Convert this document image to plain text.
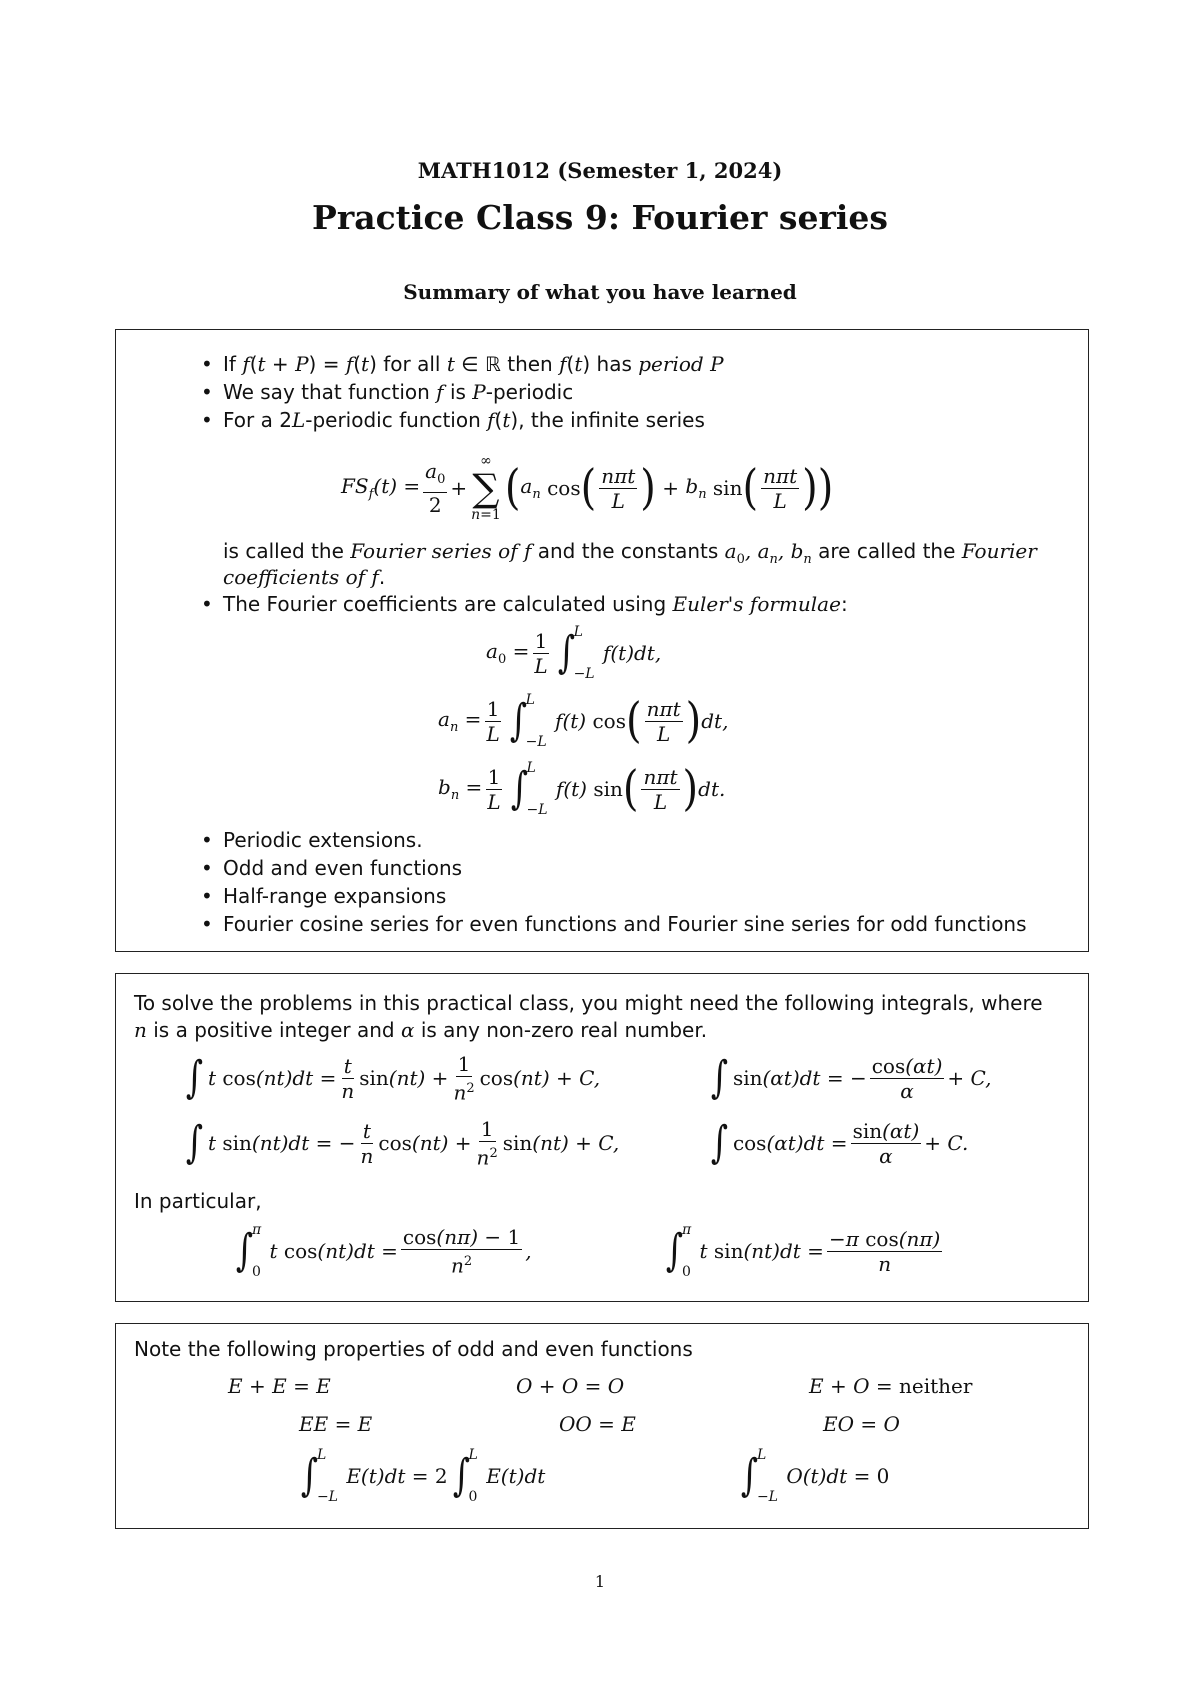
MATH1012 (Semester 1, 2024)
Practice Class 9: Fourier series
Summary of what you have learned
• If f(t + P) = f(t) for all t ∈ ℝ then f(t) has period P
• We say that function f is P-periodic
• For a 2L-periodic function f(t), the infinite series
$FS_f(t) = \frac{a_0}{2}$ +
∞
∑
n=1 ( $a_n$
cos ( $\frac{\text{nπt}}{L}$ ) + $b_n$
sin ( $\frac{\text{nπt}}{L}$ ) )
is called the Fourier series of f and the constants $a_0$, $a_n$, $b_n$ are called the Fourier
coefficients of f.
• The Fourier coefficients are calculated using Euler's formulae:
$a_0 = \frac{1}{L}$ ∫
L
−L
f(t)dt,
$a_n = \frac{1}{L}$ ∫
L
−L
f(t) cos ( $\frac{\text{nπt}}{L}$ ) dt,
$b_n = \frac{1}{L}$ ∫
L
−L
f(t) sin ( $\frac{\text{nπt}}{L}$ ) dt.
• Periodic extensions.
• Odd and even functions
• Half-range expansions
• Fourier cosine series for even functions and Fourier sine series for odd functions
To solve the problems in this practical class, you might need the following integrals, where
n is a positive integer and α is any non-zero real number.
∫ t $\cos (nt)dt = \frac{t}{n}$ $\sin (nt) + \frac{1}{n^2}$ cos (nt) + C,	∫ sin (αt)dt = − $\frac{\cos(\alpha t)}{\alpha} + C$,
∫ t sin (nt)dt = − $\frac{t}{n}$ $\cos (nt) + \frac{1}{n^2}$ sin (nt) + C, ∫ $\cos (\alpha t)dt = \frac{\sin(\alpha t)}{\alpha} + C$.
In particular,
∫
π
0
t $\cos (nt)dt = \frac{\cos(n\pi) - 1}{n^2}$ ,	∫
π
0
t $\sin (nt)dt = \frac{\text{−π cos(nπ)}}{n}$
Note the following properties of odd and even functions
E + E = E	O + O = O	E + O = neither
EE = E	OO = E	EO = O
∫
L
−L
E(t)dt = 2 ∫
L
0
E(t)dt	∫
L
−L
O(t)dt = 0
1
